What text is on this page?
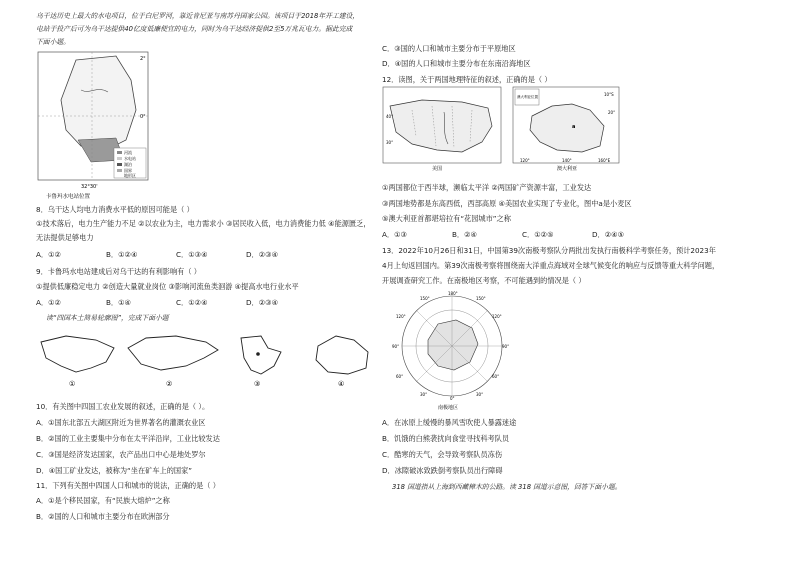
乌干达历史上最大的水电项目，位于白尼罗河，靠近肯尼亚与南苏丹国家公园。该项目于2018年开工建设，
电站于投产后可为乌干达提供40亿度低廉便宜的电力，同时为乌干达经济提供2至5万兆瓦电力。据此完成
下面小题。
河流
水电站
湖泊
国界
地形区
32°30'
2°
0°
卡鲁玛水电站位置
8．乌干达人均电力消费水平低的原因可能是（ ）
①技术落后，电力生产能力不足 ②以农业为主，电力需求小 ③居民收入低，电力消费能力低 ④能源匮乏，
无法提供足够电力
A．①②	B．①②④	C．①③④	D．②③④
9．卡鲁玛水电站建成后对乌干达的有利影响有（ ）
①提供低廉稳定电力 ②创造大量就业岗位 ③影响河流鱼类洄游 ④提高水电行业水平
A．①②	B．①④	C．①②④	D．②③④
读“四国本土简易轮廓图”，完成下面小题
①	②	③	④
10．有关图中四国工农业发展的叙述，正确的是（ ）。
A．①国东北部五大湖区附近为世界著名的灌溉农业区
B．②国的工业主要集中分布在太平洋沿岸，工业比较发达
C．③国是经济发达国家，农产品出口中心是地处罗尔
D．④国工矿业发达，被称为“坐在矿车上的国家”
11．下列有关图中四国人口和城市的说法，正确的是（ ）
A．①是个移民国家，有“民族大熔炉”之称
B．②国的人口和城市主要分布在欧洲部分
C．③国的人口和城市主要分布于平原地区
D．④国的人口和城市主要分布在东南沿海地区
12．读图，关于两国地理特征的叙述，正确的是（ ）
40°
30°
美国
澳大利亚位置
a
20°
120°	140°	160°E
10°S
澳大利亚
①两国都位于西半球，濒临太平洋 ②两国矿产资源丰富，工业发达
③两国地势都是东高西低，西部高原 ④美国农业实现了专业化，图中a是小麦区
⑤澳大利亚首都堪培拉有“花园城市”之称
A．①③	B．②④	C．①②⑤	D．②④⑤
13．2022年10月26日和31日，中国第39次南极考察队分两批出发执行南极科学考察任务，预计2023年
4月上旬返回国内。第39次南极考察将围绕南大洋重点海域对全球气候变化的响应与反馈等重大科学问题，
开展调查研究工作。在南极地区考察，不可能遇到的情况是（ ）
180°
150°	150°
120°
90°
60°
30°
0°
30°
60°
90°
120°
南极地区
A．在冰原上缓慢的暴风雪吹使人暴露迷途
B．饥饿的白熊袭扰向食堂寻找科考队员
C．酷寒的天气，会导致考察队员冻伤
D．冰隙破冰致跌倒考察队员出行障碍
318 国道指从上海到西藏樟木的公路。读 318 国道示意图，回答下面小题。
